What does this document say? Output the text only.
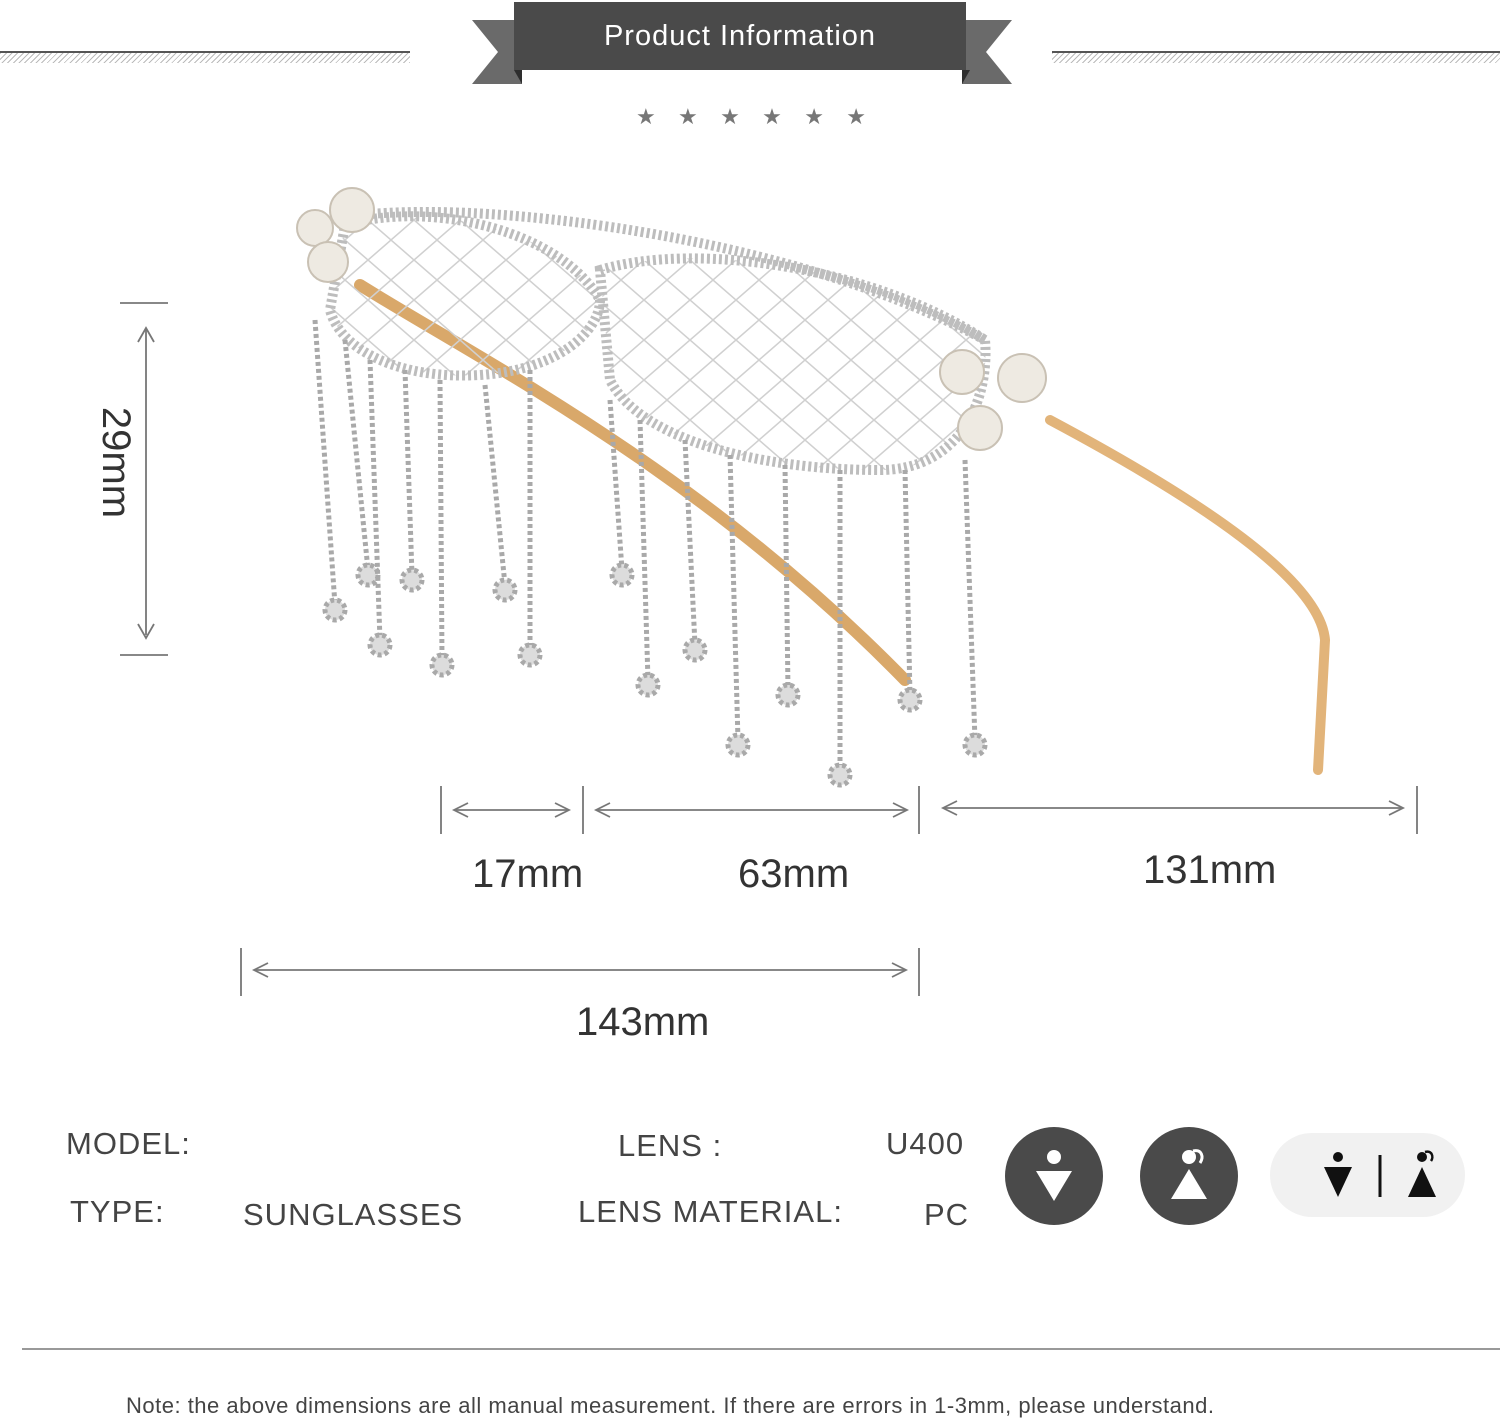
Product Information
★ ★ ★ ★ ★ ★
29mm
17mm	63mm	131mm
143mm
MODEL:
TYPE:	SUNGLASSES
LENS :	U400
LENS MATERIAL:	PC
Note: the above dimensions are all manual measurement. If there are errors in 1-3mm, please understand.
